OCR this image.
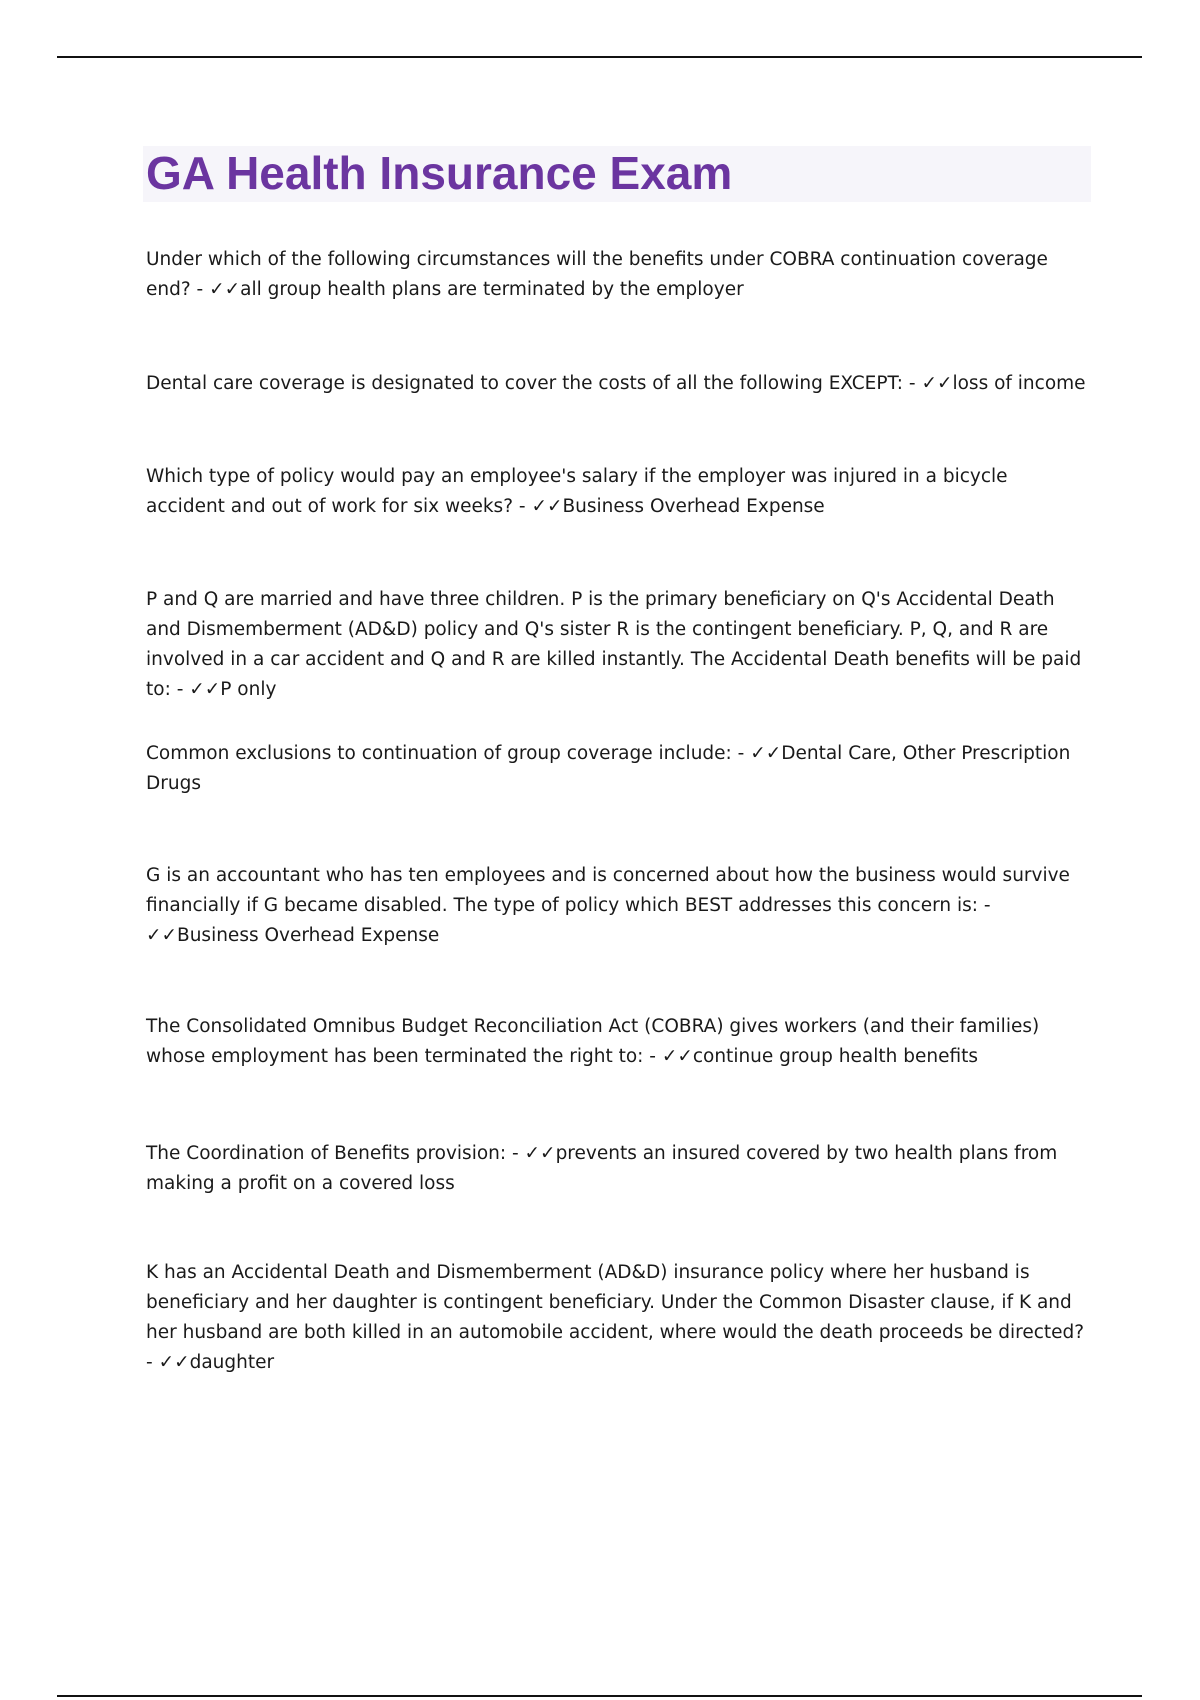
GA Health Insurance Exam

Under which of the following circumstances will the benefits under COBRA continuation coverage end? - ✓✓all group health plans are terminated by the employer

Dental care coverage is designated to cover the costs of all the following EXCEPT: - ✓✓loss of income

Which type of policy would pay an employee's salary if the employer was injured in a bicycle accident and out of work for six weeks? - ✓✓Business Overhead Expense

P and Q are married and have three children. P is the primary beneficiary on Q's Accidental Death and Dismemberment (AD&D) policy and Q's sister R is the contingent beneficiary. P, Q, and R are involved in a car accident and Q and R are killed instantly. The Accidental Death benefits will be paid to: - ✓✓P only

Common exclusions to continuation of group coverage include: - ✓✓Dental Care, Other Prescription Drugs

G is an accountant who has ten employees and is concerned about how the business would survive financially if G became disabled. The type of policy which BEST addresses this concern is: - ✓✓Business Overhead Expense

The Consolidated Omnibus Budget Reconciliation Act (COBRA) gives workers (and their families) whose employment has been terminated the right to: - ✓✓continue group health benefits

The Coordination of Benefits provision: - ✓✓prevents an insured covered by two health plans from making a profit on a covered loss

K has an Accidental Death and Dismemberment (AD&D) insurance policy where her husband is beneficiary and her daughter is contingent beneficiary. Under the Common Disaster clause, if K and her husband are both killed in an automobile accident, where would the death proceeds be directed? - ✓✓daughter
